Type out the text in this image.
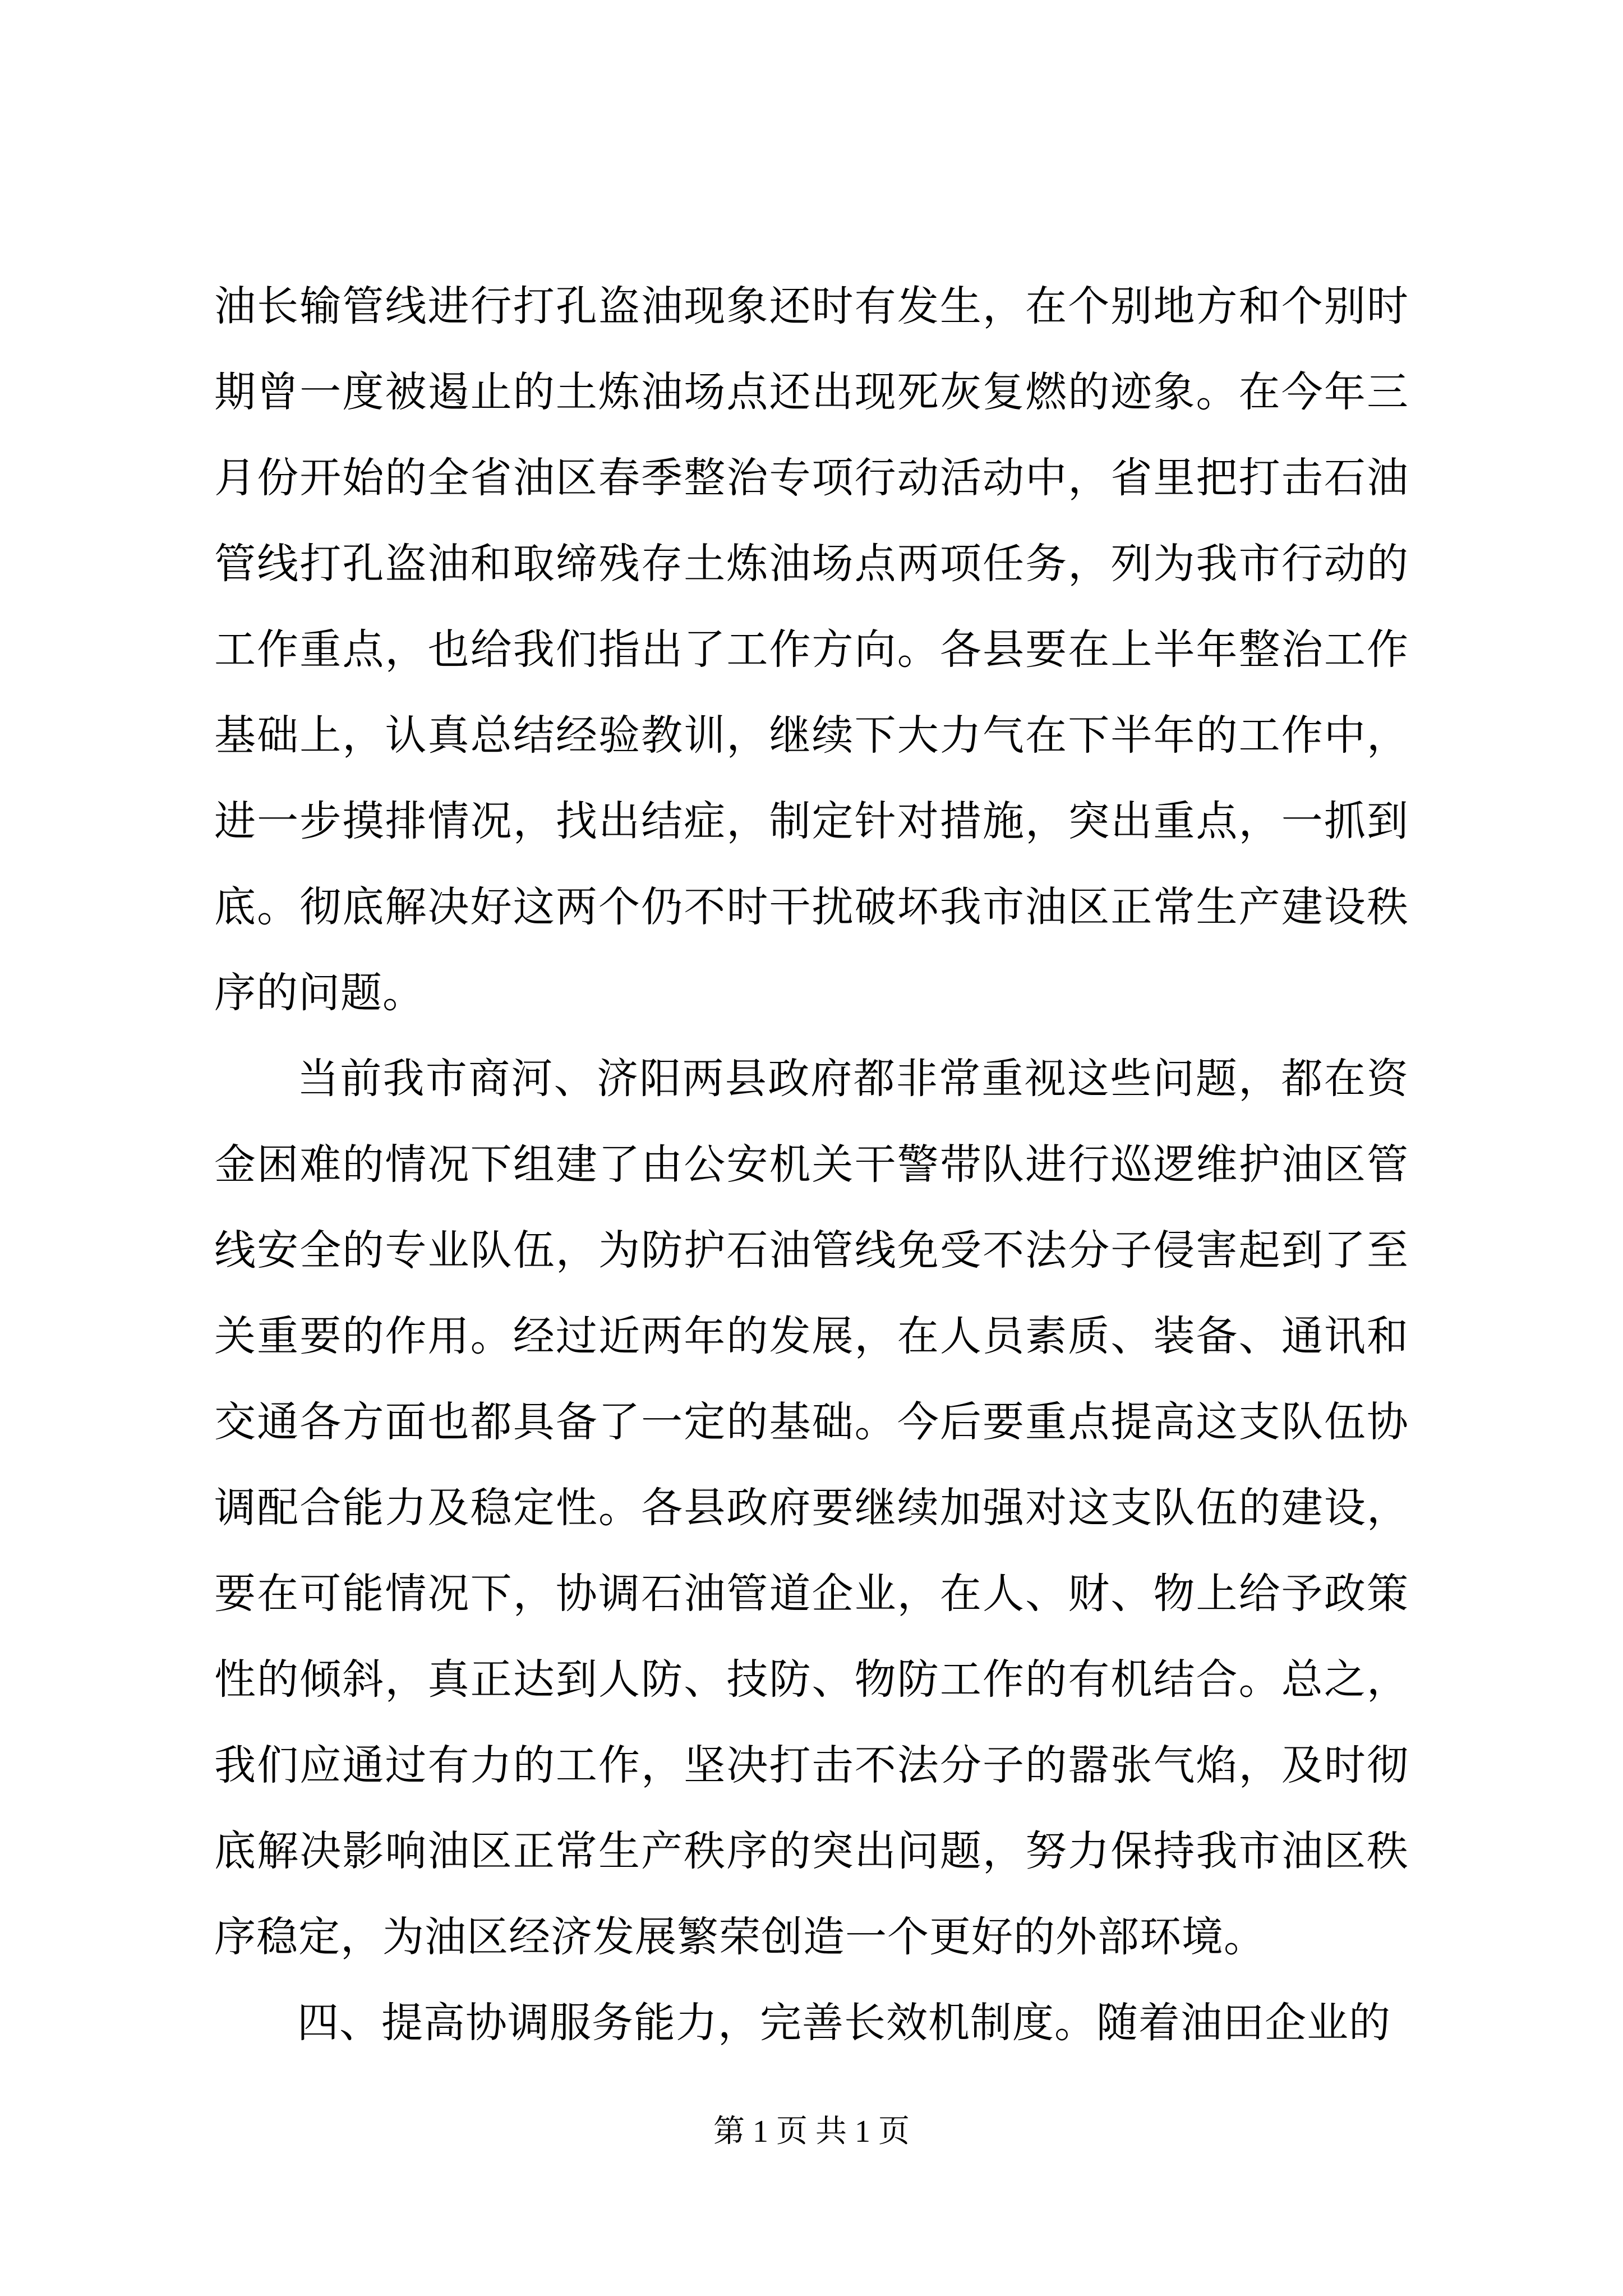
油长输管线进行打孔盗油现象还时有发生，在个别地方和个别时期曾一度被遏止的土炼油场点还出现死灰复燃的迹象。在今年三月份开始的全省油区春季整治专项行动活动中，省里把打击石油管线打孔盗油和取缔残存土炼油场点两项任务，列为我市行动的工作重点，也给我们指出了工作方向。各县要在上半年整治工作基础上，认真总结经验教训，继续下大力气在下半年的工作中，进一步摸排情况，找出结症，制定针对措施，突出重点，一抓到底。彻底解决好这两个仍不时干扰破坏我市油区正常生产建设秩序的问题。

当前我市商河、济阳两县政府都非常重视这些问题，都在资金困难的情况下组建了由公安机关干警带队进行巡逻维护油区管线安全的专业队伍，为防护石油管线免受不法分子侵害起到了至关重要的作用。经过近两年的发展，在人员素质、装备、通讯和交通各方面也都具备了一定的基础。今后要重点提高这支队伍协调配合能力及稳定性。各县政府要继续加强对这支队伍的建设，要在可能情况下，协调石油管道企业，在人、财、物上给予政策性的倾斜，真正达到人防、技防、物防工作的有机结合。总之，我们应通过有力的工作，坚决打击不法分子的嚣张气焰，及时彻底解决影响油区正常生产秩序的突出问题，努力保持我市油区秩序稳定，为油区经济发展繁荣创造一个更好的外部环境。

四、提高协调服务能力，完善长效机制度。随着油田企业的

第 1 页 共 1 页
